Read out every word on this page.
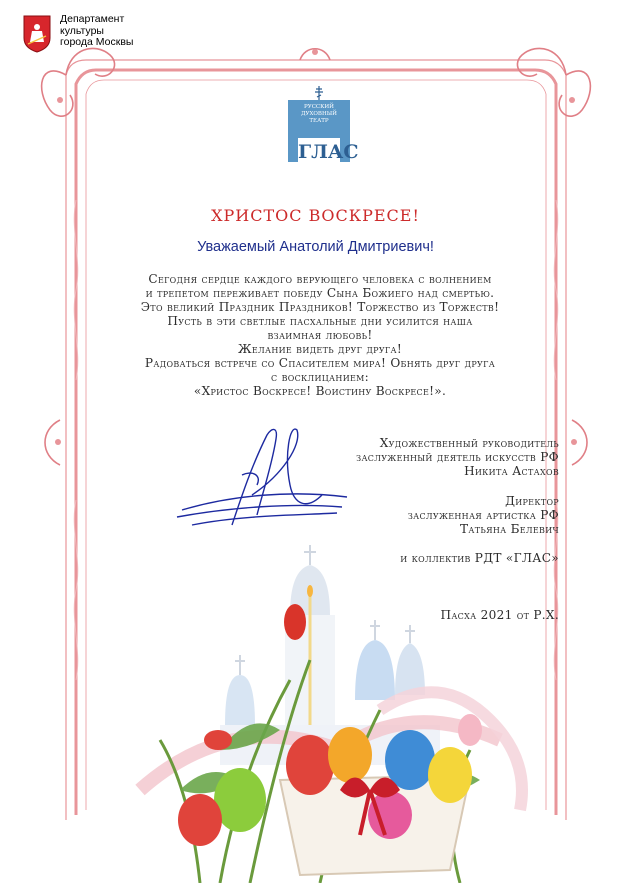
Департамент
культуры
города Москвы
РУССКИЙ ДУХОВНЫЙ
ТЕАТР
ГЛАС
ХРИСТОС ВОСКРЕСЕ!
Уважаемый Анатолий Дмитриевич!
Сегодня сердце каждого верующего человека с волнением
и трепетом переживает победу Сына Божиего над смертью.
Это великий Праздник Праздников! Торжество из Торжеств!
Пусть в эти светлые пасхальные дни усилится наша
взаимная любовь!
Желание видеть друг друга!
Радоваться встрече со Спасителем мира! Обнять друг друга
с восклицанием:
«Христос Воскресе! Воистину Воскресе!».
Художественный руководитель
заслуженный деятель искусств РФ
Никита Астахов
Директор
заслуженная артистка РФ
Татьяна Белевич
и коллектив РДТ «ГЛАС»
Пасха 2021 от Р.Х.
